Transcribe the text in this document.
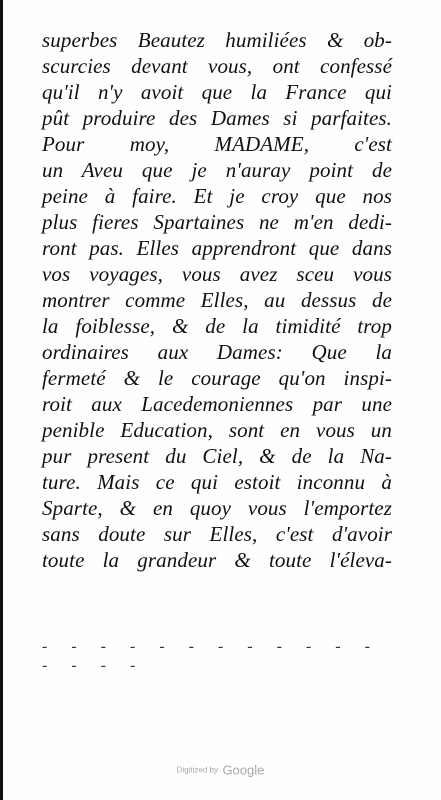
superbes Beautez humiliées & ob-
scurcies devant vous, ont confessé
qu'il n'y avoit que la France qui
pût produire des Dames si parfaites.
Pour moy, MADAME, c'est
un Aveu que je n'auray point de
peine à faire. Et je croy que nos
plus fieres Spartaines ne m'en dedi-
ront pas. Elles apprendront que dans
vos voyages, vous avez sceu vous
montrer comme Elles, au dessus de
la foiblesse, & de la timidité trop
ordinaires aux Dames: Que la
fermeté & le courage qu'on inspi-
roit aux Lacedemoniennes par une
penible Education, sont en vous un
pur present du Ciel, & de la Na-
ture. Mais ce qui estoit inconnu à
Sparte, & en quoy vous l'emportez
sans doute sur Elles, c'est d'avoir
toute la grandeur & toute l'éleva-
- - - - - - - - - - - - - - - -
Digitized by Google
